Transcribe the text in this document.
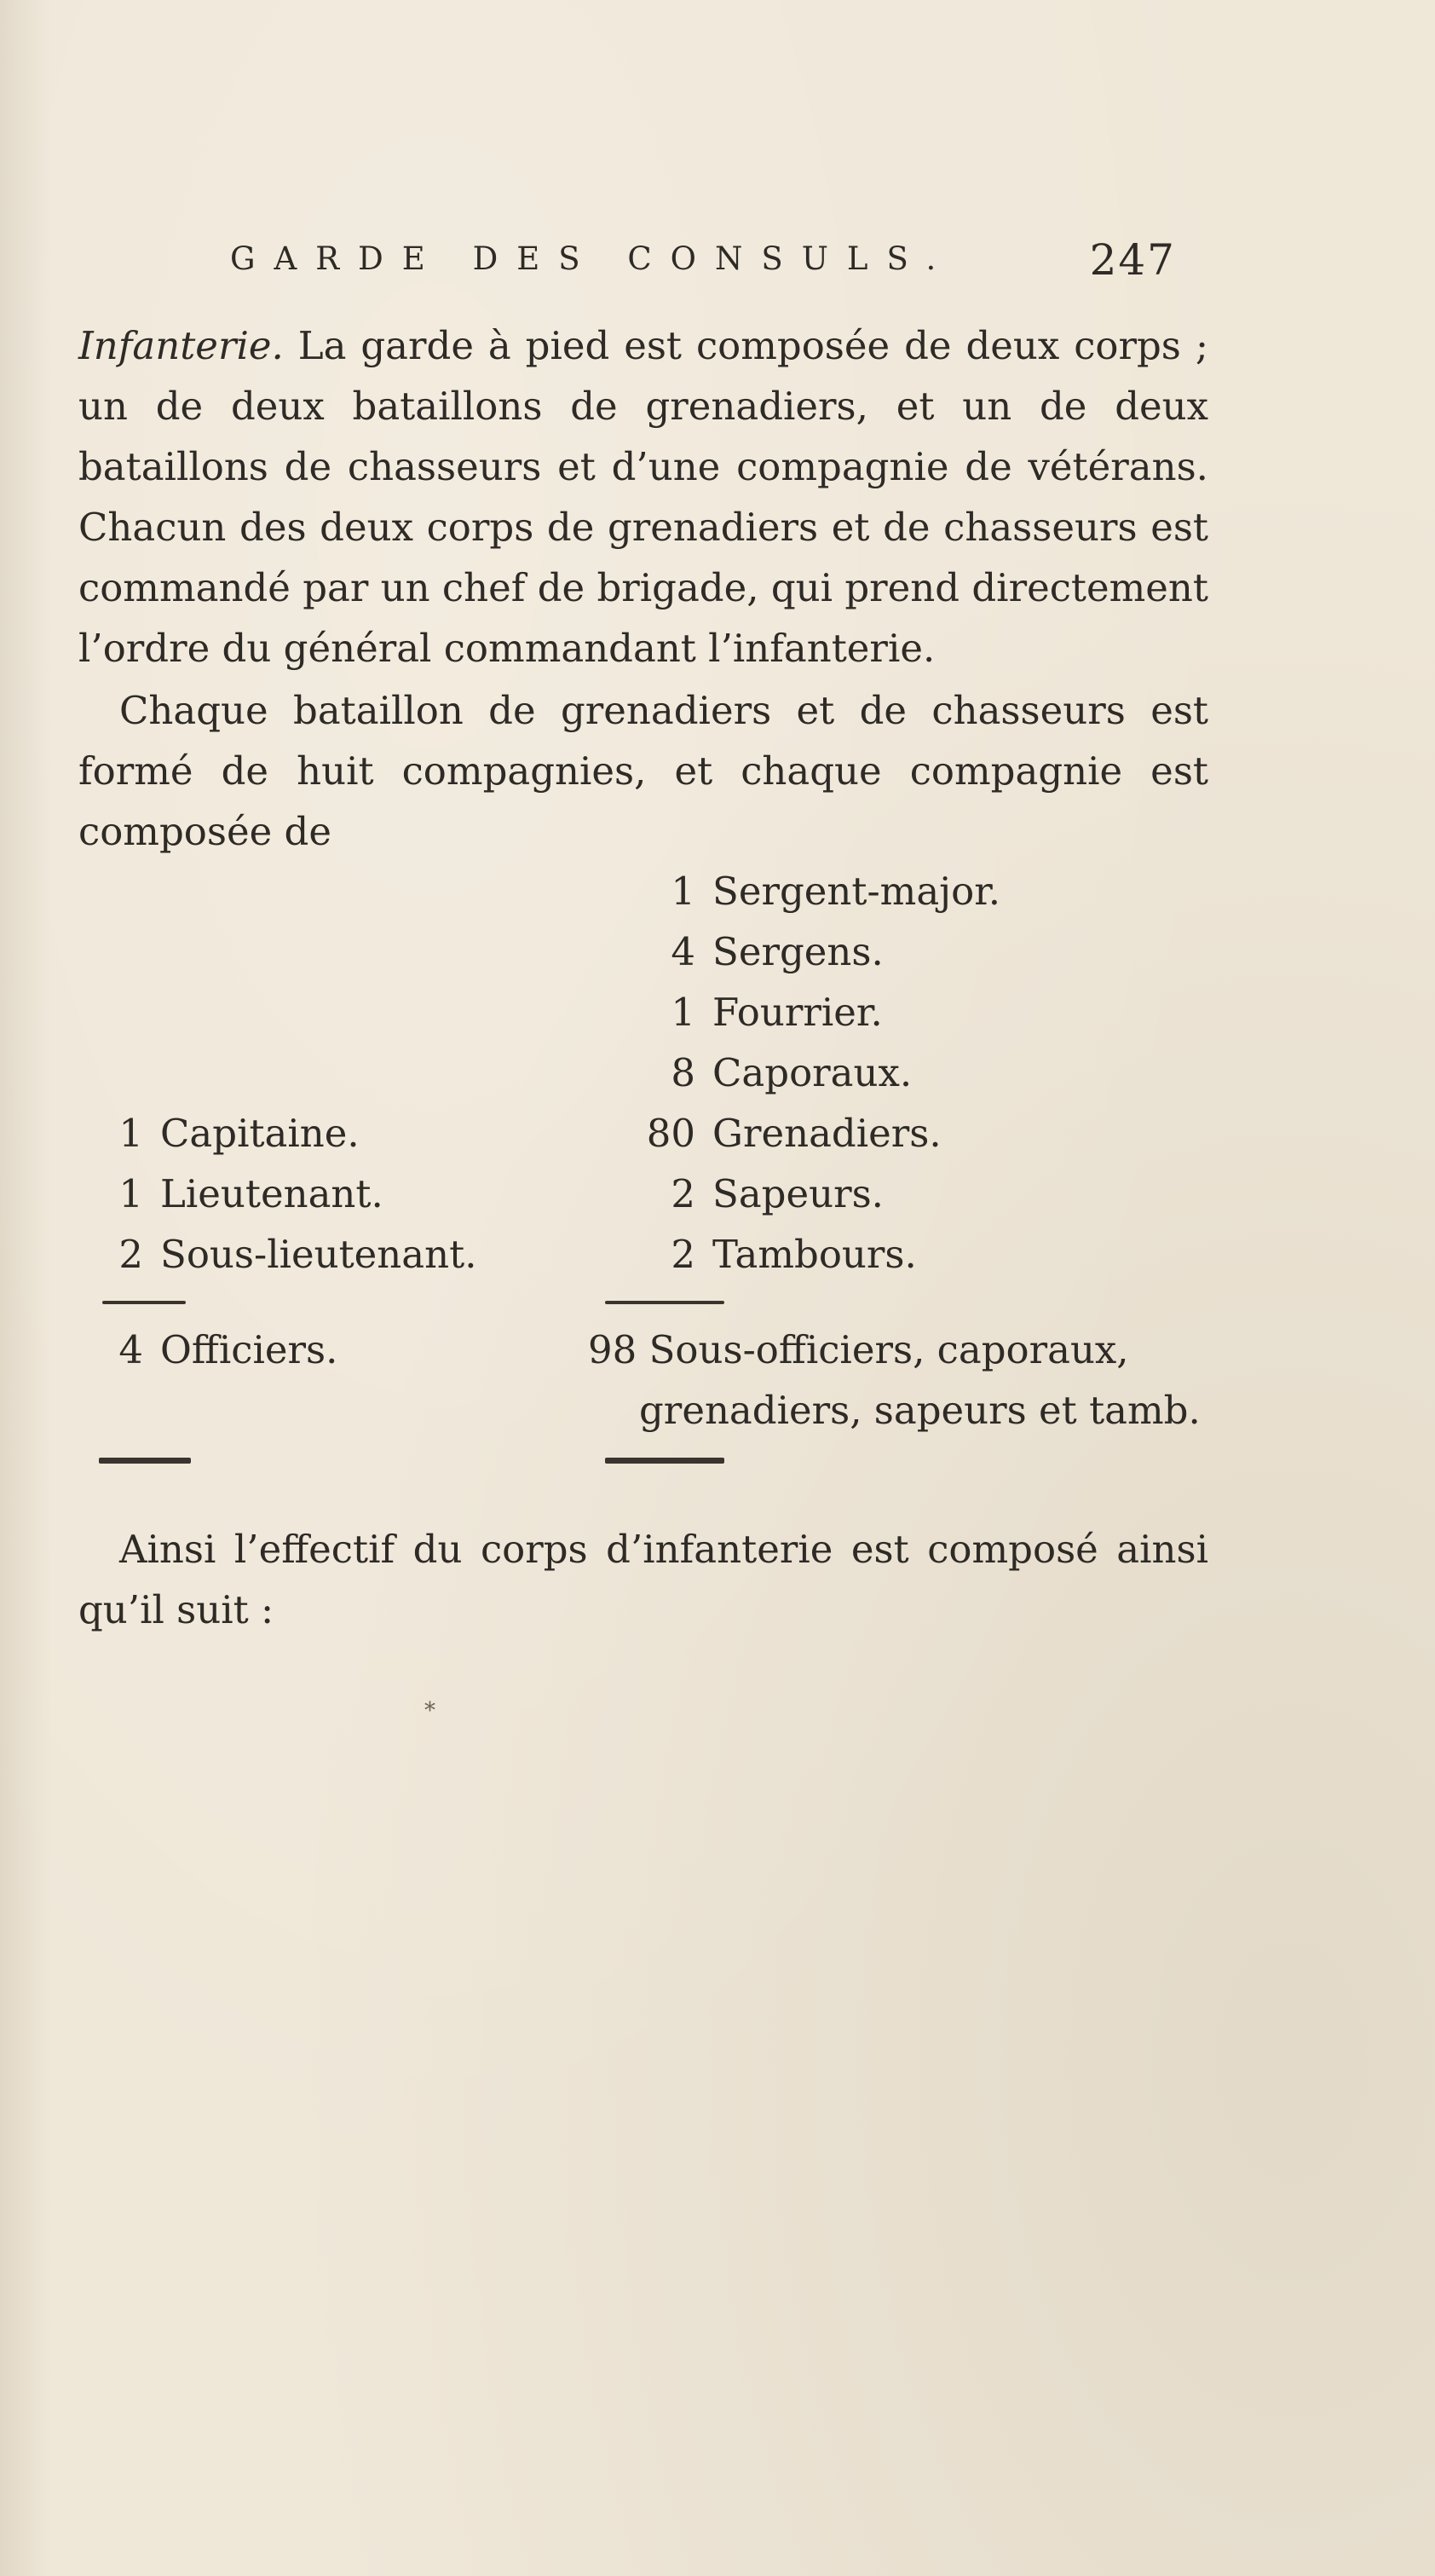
GARDE DES CONSULS.	247
Infanterie. La garde à pied est composée de deux corps ; un de deux bataillons de grenadiers, et un de deux bataillons de chasseurs et d’une compagnie de vétérans. Chacun des deux corps de grenadiers et de chasseurs est commandé par un chef de brigade, qui prend directement l’ordre du général commandant l’infanterie.
Chaque bataillon de grenadiers et de chasseurs est formé de huit compagnies, et chaque compagnie est composée de
1 Sergent-major.
4 Sergens.
1 Fourrier.
8 Caporaux.
80 Grenadiers.
2 Sapeurs.
2 Tambours.
1 Capitaine.
1 Lieutenant.
2 Sous-lieutenant.
4 Officiers.	98 Sous-officiers, caporaux,
grenadiers, sapeurs et tamb.
Ainsi l’effectif du corps d’infanterie est composé ainsi qu’il suit :
*
